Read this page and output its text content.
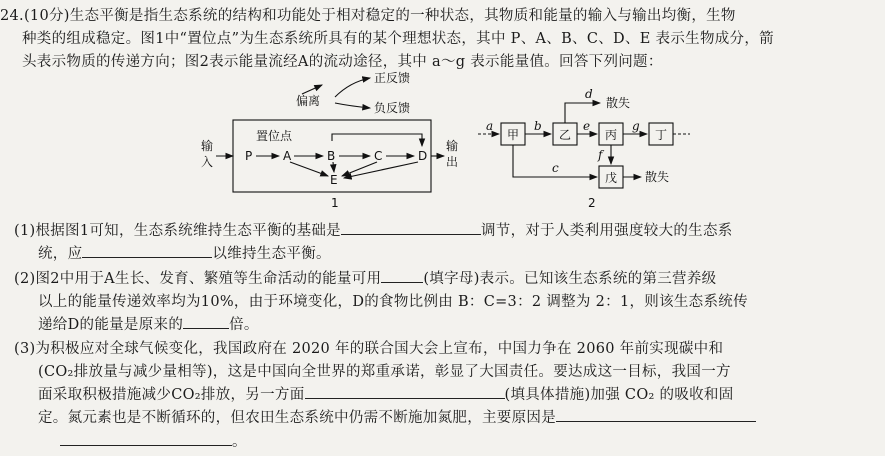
24.(10分)生态平衡是指生态系统的结构和功能处于相对稳定的一种状态，其物质和能量的输入与输出均衡，生物
种类的组成稳定。图1中“置位点”为生态系统所具有的某个理想状态，其中 P、A、B、C、D、E 表示生物成分，箭
头表示物质的传递方向；图2表示能量流经A的流动途径，其中 a～g 表示能量值。回答下列问题：
偏离
正反馈
负反馈
置位点
输
入
输
出
P	A	B	C	D
E
1
甲	乙	丙	丁
戊
a	b	e	g
d
散失
f
c
散失
2
(1)根据图1可知，生态系统维持生态平衡的基础是	调节，对于人类利用强度较大的生态系
统，应	以维持生态平衡。
(2)图2中用于A生长、发育、繁殖等生命活动的能量可用	(填字母)表示。已知该生态系统的第三营养级
以上的能量传递效率均为10%，由于环境变化，D的食物比例由 B：C=3：2 调整为 2：1，则该生态系统传
递给D的能量是原来的	倍。
(3)为积极应对全球气候变化，我国政府在 2020 年的联合国大会上宣布，中国力争在 2060 年前实现碳中和
(CO₂排放量与减少量相等)，这是中国向全世界的郑重承诺，彰显了大国责任。要达成这一目标，我国一方
面采取积极措施减少CO₂排放，另一方面	(填具体措施)加强 CO₂ 的吸收和固
定。氮元素也是不断循环的，但农田生态系统中仍需不断施加氮肥，主要原因是
。
